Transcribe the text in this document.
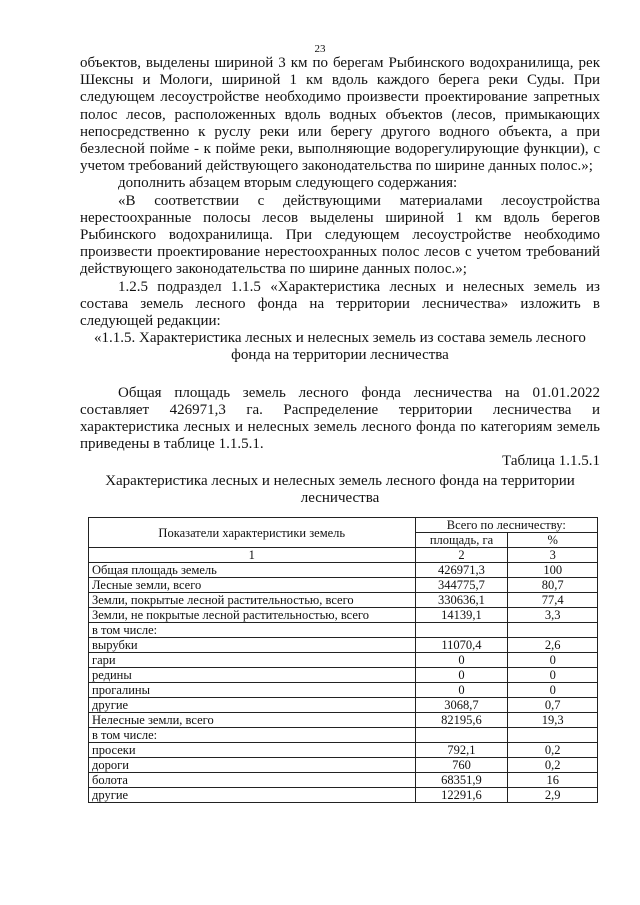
23

объектов, выделены шириной 3 км по берегам Рыбинского водохранилища, рек Шексны и Мологи, шириной 1 км вдоль каждого берега реки Суды. При следующем лесоустройстве необходимо произвести проектирование запретных полос лесов, расположенных вдоль водных объектов (лесов, примыкающих непосредственно к руслу реки или берегу другого водного объекта, а при безлесной пойме - к пойме реки, выполняющие водорегулирующие функции), с учетом требований действующего законодательства по ширине данных полос.»;

дополнить абзацем вторым следующего содержания:

«В соответствии с действующими материалами лесоустройства нерестоохранные полосы лесов выделены шириной 1 км вдоль берегов Рыбинского водохранилища. При следующем лесоустройстве необходимо произвести проектирование нерестоохранных полос лесов с учетом требований действующего законодательства по ширине данных полос.»;

1.2.5 подраздел 1.1.5 «Характеристика лесных и нелесных земель из состава земель лесного фонда на территории лесничества» изложить в следующей редакции:

«1.1.5. Характеристика лесных и нелесных земель из состава земель лесного фонда на территории лесничества

Общая площадь земель лесного фонда лесничества на 01.01.2022 составляет 426971,3 га. Распределение территории лесничества и характеристика лесных и нелесных земель лесного фонда по категориям земель приведены в таблице 1.1.5.1.

Таблица 1.1.5.1

Характеристика лесных и нелесных земель лесного фонда на территории лесничества

Показатели характеристики земель	Всего по лесничеству:	
	площадь, га	%
1	2	3
Общая площадь земель	426971,3	100
Лесные земли, всего	344775,7	80,7
Земли, покрытые лесной растительностью, всего	330636,1	77,4
Земли, не покрытые лесной растительностью, всего	14139,1	3,3
в том числе:		
вырубки	11070,4	2,6
гари	0	0
редины	0	0
прогалины	0	0
другие	3068,7	0,7
Нелесные земли, всего	82195,6	19,3
в том числе:		
просеки	792,1	0,2
дороги	760	0,2
болота	68351,9	16
другие	12291,6	2,9
